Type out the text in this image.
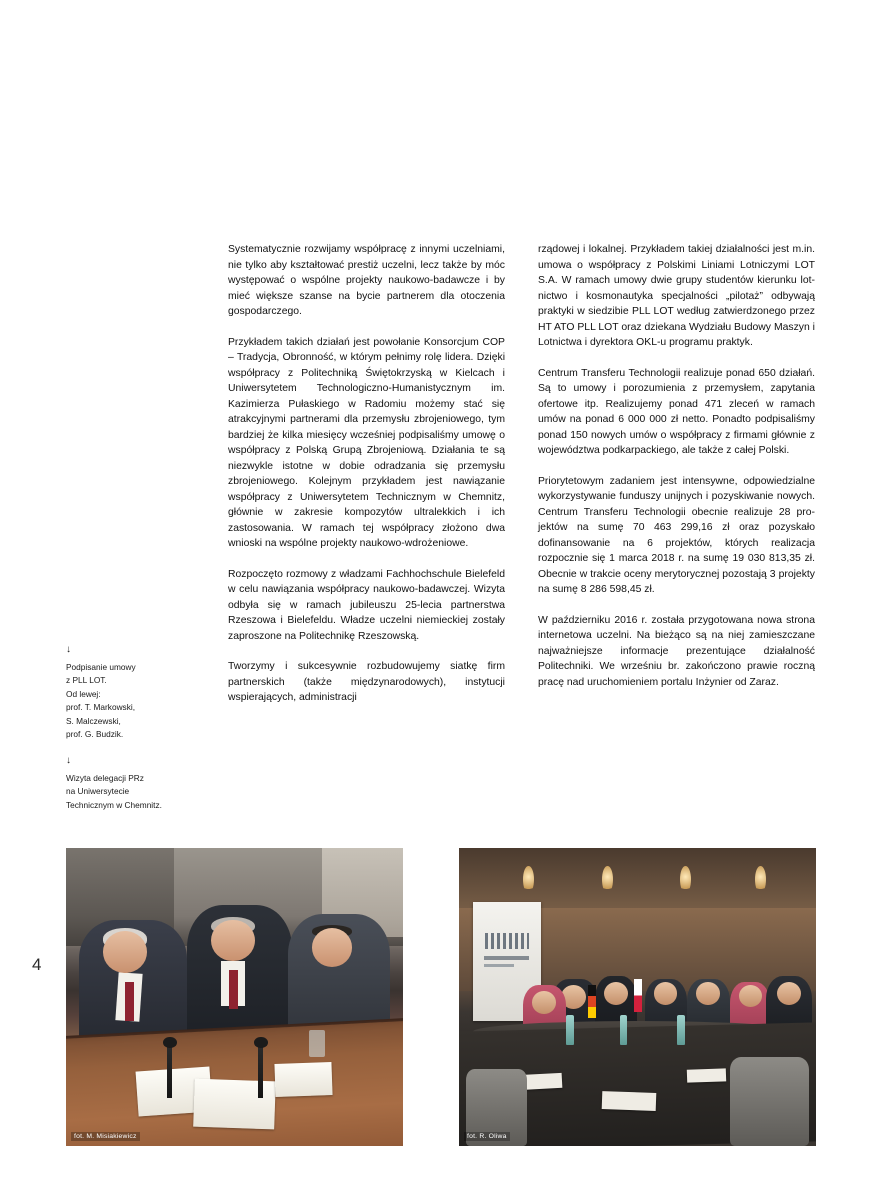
4
↓
Podpisanie umowy
z PLL LOT.
Od lewej:
prof. T. Markowski,
S. Malczewski,
prof. G. Budzik.
↓
Wizyta delegacji PRz
na Uniwersytecie
Technicznym w Chemnitz.

Systematycznie rozwijamy współpracę z innymi uczelniami, nie tylko aby kształtować prestiż uczelni, lecz także by móc występować o wspólne projekty naukowo-badawcze i by mieć większe szanse na bycie partnerem dla otoczenia gospodarczego.

Przykładem takich działań jest powołanie Konsorcjum COP – Tradycja, Obronność, w którym pełnimy rolę lidera. Dzięki współpracy z Politechniką Świętokrzyską w Kielcach i Uniwersytetem Technologiczno-Humanistycznym im. Kazimierza Pułaskiego w Radomiu możemy stać się atrakcyjnymi partnerami dla przemysłu zbrojeniowego, tym bardziej że kilka miesięcy wcześniej podpisaliśmy umowę o współpracy z Polską Grupą Zbrojeniową. Działania te są niezwykle istotne w dobie odradzania się przemysłu zbrojeniowego. Kolejnym przykładem jest nawiązanie współpracy z Uniwersytetem Technicznym w Chemnitz, głównie w zakresie kompozytów ultralekkich i ich zastosowania. W ramach tej współpracy złożono dwa wnioski na wspólne projekty naukowo-wdrożeniowe.

Rozpoczęto rozmowy z władzami Fachhochschule Bielefeld w celu nawiązania współpracy naukowo-badawczej. Wizyta odbyła się w ramach jubileuszu 25-lecia partnerstwa Rzeszowa i Bielefeldu. Władze uczelni niemieckiej zostały zaproszone na Politechnikę Rzeszowską.

Tworzymy i sukcesywnie rozbudowujemy siatkę firm partnerskich (także międzynarodowych), instytucji wspierających, administracji

rządowej i lokalnej. Przykładem takiej działalności jest m.in. umowa o współpracy z Polskimi Liniami Lotniczymi LOT S.A. W ramach umowy dwie grupy studentów kierunku lotnictwo i kosmonautyka specjalności „pilotaż” odbywają praktyki w siedzibie PLL LOT według zatwierdzonego przez HT ATO PLL LOT oraz dziekana Wydziału Budowy Maszyn i Lotnictwa i dyrektora OKL-u programu praktyk.

Centrum Transferu Technologii realizuje ponad 650 działań. Są to umowy i porozumienia z przemysłem, zapytania ofertowe itp. Realizujemy ponad 471 zleceń w ramach umów na ponad 6 000 000 zł netto. Ponadto podpisaliśmy ponad 150 nowych umów o współpracy z firmami głównie z województwa podkarpackiego, ale także z całej Polski.

Priorytetowym zadaniem jest intensywne, odpowiedzialne wykorzystywanie funduszy unijnych i pozyskiwanie nowych. Centrum Transferu Technologii obecnie realizuje 28 projektów na sumę 70 463 299,16 zł oraz pozyskało dofinansowanie na 6 projektów, których realizacja rozpocznie się 1 marca 2018 r. na sumę 19 030 813,35 zł. Obecnie w trakcie oceny merytorycznej pozostają 3 projekty na sumę 8 286 598,45 zł.

W październiku 2016 r. została przygotowana nowa strona internetowa uczelni. Na bieżąco są na niej zamieszczane najważniejsze informacje prezentujące działalność Politechniki. We wrześniu br. zakończono prawie roczną pracę nad uruchomieniem portalu Inżynier od Zaraz.

fot. M. Misiakiewicz	fot. R. Oliwa
